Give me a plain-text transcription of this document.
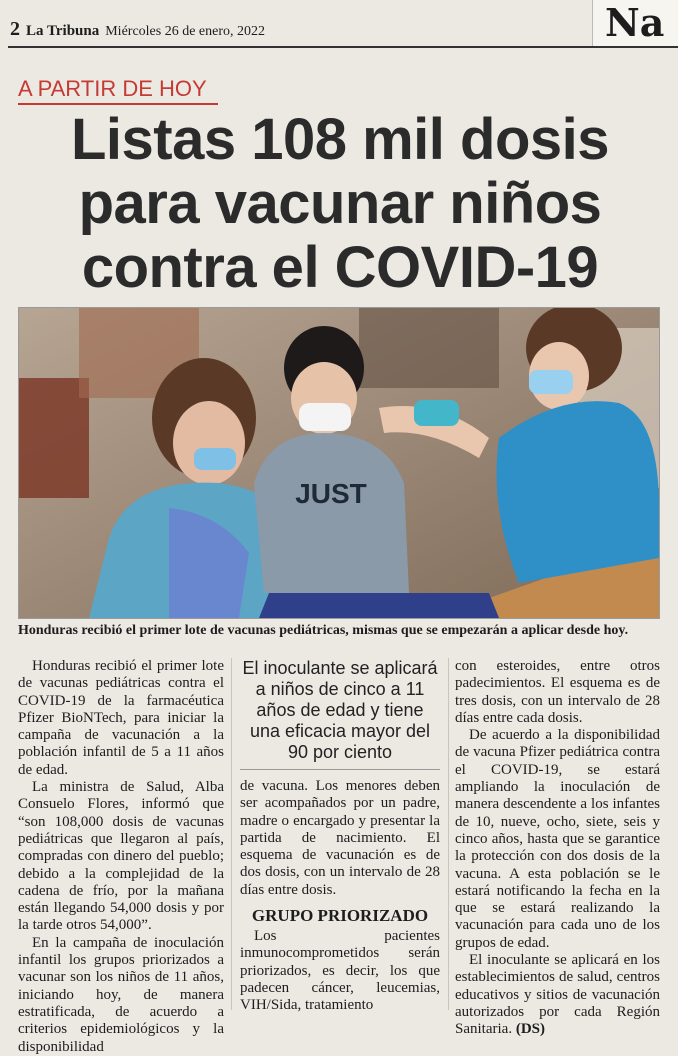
2 La Tribuna Miércoles 26 de enero, 2022	Na
A PARTIR DE HOY
Listas 108 mil dosis
para vacunar niños
contra el COVID-19
JUST
Honduras recibió el primer lote de vacunas pediátricas, mismas que se empezarán a aplicar desde hoy.

Honduras recibió el primer lote de vacunas pediátricas contra el COVID-19 de la farmacéutica Pfizer BioNTech, para iniciar la campaña de vacunación a la población infantil de 5 a 11 años de edad.

La ministra de Salud, Alba Consuelo Flores, informó que “son 108,000 dosis de vacunas pediátricas que llegaron al país, compradas con dinero del pueblo; debido a la complejidad de la cadena de frío, por la mañana están llegando 54,000 dosis y por la tarde otros 54,000”.

En la campaña de inoculación infantil los grupos priorizados a vacunar son los niños de 11 años, iniciando hoy, de manera estratificada, de acuerdo a criterios epidemiológicos y la disponibilidad

El inoculante se aplicará a niños de cinco a 11 años de edad y tiene una eficacia mayor del 90 por ciento

de vacuna. Los menores deben ser acompañados por un padre, madre o encargado y presentar la partida de nacimiento. El esquema de vacunación es de dos dosis, con un intervalo de 28 días entre dosis.

GRUPO PRIORIZADO

Los pacientes inmunocomprometidos serán priorizados, es decir, los que padecen cáncer, leucemias, VIH/Sida, tratamiento

con esteroides, entre otros padecimientos. El esquema es de tres dosis, con un intervalo de 28 días entre cada dosis.

De acuerdo a la disponibilidad de vacuna Pfizer pediátrica contra el COVID-19, se estará ampliando la inoculación de manera descendente a los infantes de 10, nueve, ocho, siete, seis y cinco años, hasta que se garantice la protección con dos dosis de la vacuna. A esta población se le estará notificando la fecha en la que se estará realizando la vacunación para cada uno de los grupos de edad.

El inoculante se aplicará en los establecimientos de salud, centros educativos y sitios de vacunación autorizados por cada Región Sanitaria. (DS)
